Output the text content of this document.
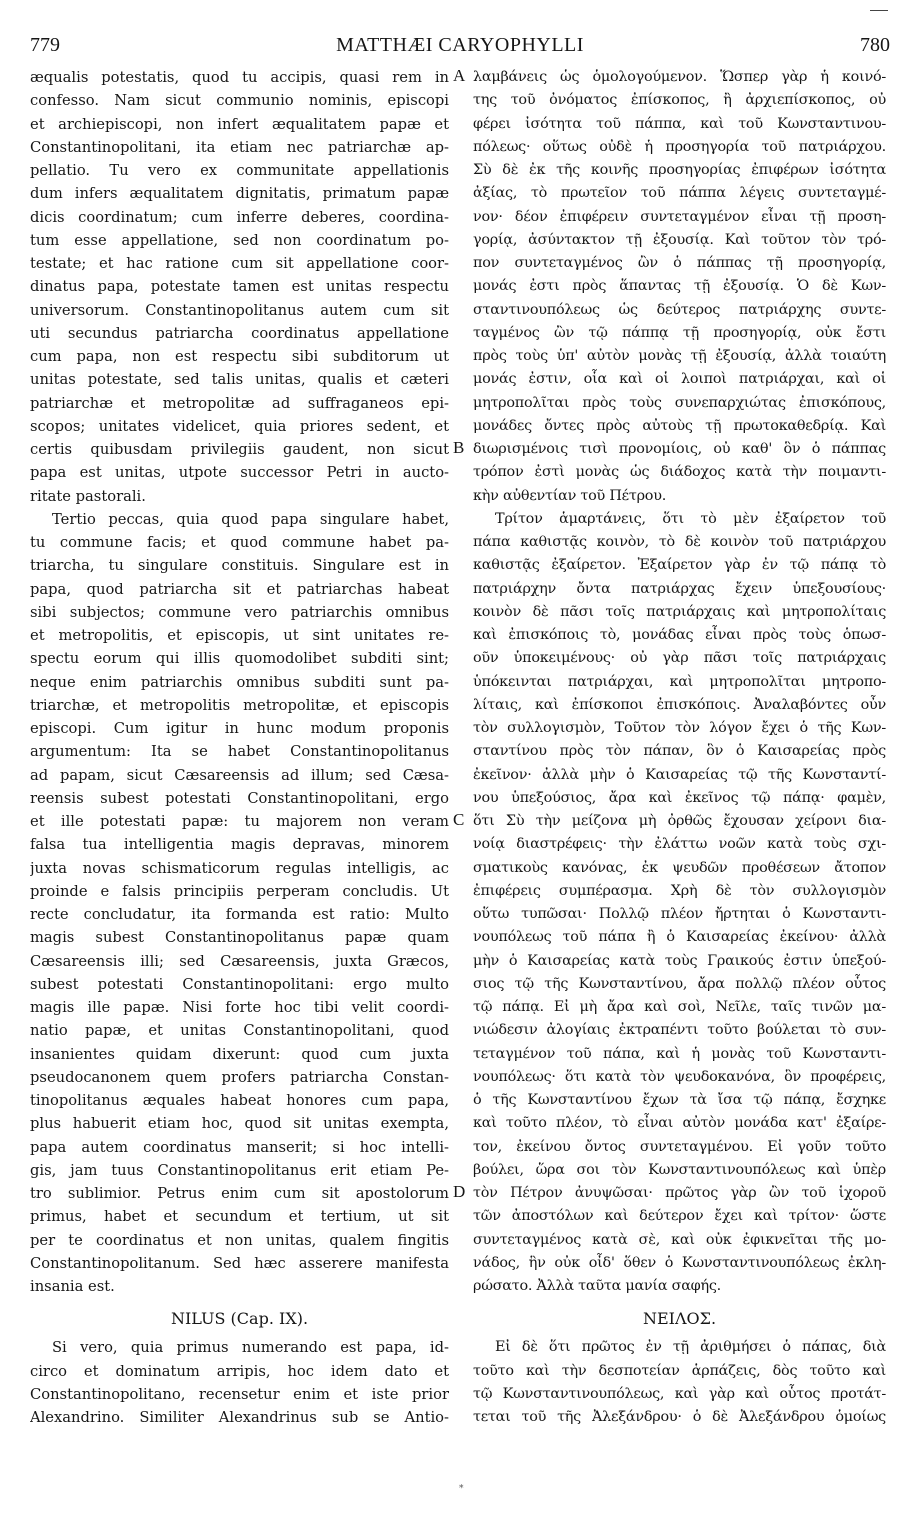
779	MATTHÆI CARYOPHYLLI	780
æqualis potestatis, quod tu accipis, quasi rem in
confesso. Nam sicut communio nominis, episcopi
et archiepiscopi, non infert æqualitatem papæ et
Constantinopolitani, ita etiam nec patriarchæ ap-
pellatio. Tu vero ex communitate appellationis
dum infers æqualitatem dignitatis, primatum papæ
dicis coordinatum; cum inferre deberes, coordina-
tum esse appellatione, sed non coordinatum po-
testate; et hac ratione cum sit appellatione coor-
dinatus papa, potestate tamen est unitas respectu
universorum. Constantinopolitanus autem cum sit
uti secundus patriarcha coordinatus appellatione
cum papa, non est respectu sibi subditorum ut
unitas potestate, sed talis unitas, qualis et cæteri
patriarchæ et metropolitæ ad suffraganeos epi-
scopos; unitates videlicet, quia priores sedent, et
certis quibusdam privilegiis gaudent, non sicut
papa est unitas, utpote successor Petri in aucto-
ritate pastorali.
Tertio peccas, quia quod papa singulare habet,
tu commune facis; et quod commune habet pa-
triarcha, tu singulare constituis. Singulare est in
papa, quod patriarcha sit et patriarchas habeat
sibi subjectos; commune vero patriarchis omnibus
et metropolitis, et episcopis, ut sint unitates re-
spectu eorum qui illis quomodolibet subditi sint;
neque enim patriarchis omnibus subditi sunt pa-
triarchæ, et metropolitis metropolitæ, et episcopis
episcopi. Cum igitur in hunc modum proponis
argumentum: Ita se habet Constantinopolitanus
ad papam, sicut Cæsareensis ad illum; sed Cæsa-
reensis subest potestati Constantinopolitani, ergo
et ille potestati papæ: tu majorem non veram
falsa tua intelligentia magis depravas, minorem
juxta novas schismaticorum regulas intelligis, ac
proinde e falsis principiis perperam concludis. Ut
recte concludatur, ita formanda est ratio: Multo
magis subest Constantinopolitanus papæ quam
Cæsareensis illi; sed Cæsareensis, juxta Græcos,
subest potestati Constantinopolitani: ergo multo
magis ille papæ. Nisi forte hoc tibi velit coordi-
natio papæ, et unitas Constantinopolitani, quod
insanientes quidam dixerunt: quod cum juxta
pseudocanonem quem profers patriarcha Constan-
tinopolitanus æquales habeat honores cum papa,
plus habuerit etiam hoc, quod sit unitas exempta,
papa autem coordinatus manserit; si hoc intelli-
gis, jam tuus Constantinopolitanus erit etiam Pe-
tro sublimior. Petrus enim cum sit apostolorum
primus, habet et secundum et tertium, ut sit
per te coordinatus et non unitas, qualem fingitis
Constantinopolitanum. Sed hæc asserere manifesta
insania est.
NILUS (Cap. IX).
Si vero, quia primus numerando est papa, id-
circo et dominatum arripis, hoc idem dato et
Constantinopolitano, recensetur enim et iste prior
Alexandrino. Similiter Alexandrinus sub se Antio-
λαμβάνεις ὡς ὁμολογούμενον. Ὥσπερ γὰρ ἡ κοινό-
της τοῦ ὀνόματος ἐπίσκοπος, ἢ ἀρχιεπίσκοπος, οὐ
φέρει ἰσότητα τοῦ πάππα, καὶ τοῦ Κωνσταντινου-
πόλεως· οὕτως οὐδὲ ἡ προσηγορία τοῦ πατριάρχου.
Σὺ δὲ ἐκ τῆς κοινῆς προσηγορίας ἐπιφέρων ἰσότητα
ἀξίας, τὸ πρωτεῖον τοῦ πάππα λέγεις συντεταγμέ-
νον· δέον ἐπιφέρειν συντεταγμένον εἶναι τῇ προση-
γορίᾳ, ἀσύντακτον τῇ ἐξουσίᾳ. Καὶ τοῦτον τὸν τρό-
πον συντεταγμένος ὢν ὁ πάππας τῇ προσηγορίᾳ,
μονάς ἐστι πρὸς ἅπαντας τῇ ἐξουσίᾳ. Ὁ δὲ Κων-
σταντινουπόλεως ὡς δεύτερος πατριάρχης συντε-
ταγμένος ὢν τῷ πάππᾳ τῇ προσηγορίᾳ, οὐκ ἔστι
πρὸς τοὺς ὑπ' αὐτὸν μονὰς τῇ ἐξουσίᾳ, ἀλλὰ τοιαύτη
μονάς ἐστιν, οἷα καὶ οἱ λοιποὶ πατριάρχαι, καὶ οἱ
μητροπολῖται πρὸς τοὺς συνεπαρχιώτας ἐπισκόπους,
μονάδες ὄντες πρὸς αὐτοὺς τῇ πρωτοκαθεδρίᾳ. Καὶ
διωρισμένοις τισὶ προνομίοις, οὐ καθ' ὃν ὁ πάππας
τρόπον ἐστὶ μονὰς ὡς διάδοχος κατὰ τὴν ποιμαντι-
κὴν αὐθεντίαν τοῦ Πέτρου.
Τρίτον ἁμαρτάνεις, ὅτι τὸ μὲν ἐξαίρετον τοῦ
πάπα καθιστᾷς κοινὸν, τὸ δὲ κοινὸν τοῦ πατριάρχου
καθιστᾷς ἐξαίρετον. Ἐξαίρετον γὰρ ἐν τῷ πάπᾳ τὸ
πατριάρχην ὄντα πατριάρχας ἔχειν ὑπεξουσίους·
κοινὸν δὲ πᾶσι τοῖς πατριάρχαις καὶ μητροπολίταις
καὶ ἐπισκόποις τὸ, μονάδας εἶναι πρὸς τοὺς ὁπωσ-
οῦν ὑποκειμένους· οὐ γὰρ πᾶσι τοῖς πατριάρχαις
ὑπόκεινται πατριάρχαι, καὶ μητροπολῖται μητροπο-
λίταις, καὶ ἐπίσκοποι ἐπισκόποις. Ἀναλαβόντες οὖν
τὸν συλλογισμὸν, Τοῦτον τὸν λόγον ἔχει ὁ τῆς Κων-
σταντίνου πρὸς τὸν πάπαν, ὃν ὁ Καισαρείας πρὸς
ἐκεῖνον· ἀλλὰ μὴν ὁ Καισαρείας τῷ τῆς Κωνσταντί-
νου ὑπεξούσιος, ἄρα καὶ ἐκεῖνος τῷ πάπᾳ· φαμὲν,
ὅτι Σὺ τὴν μείζονα μὴ ὀρθῶς ἔχουσαν χείρονι δια-
νοίᾳ διαστρέφεις· τὴν ἐλάττω νοῶν κατὰ τοὺς σχι-
σματικοὺς κανόνας, ἐκ ψευδῶν προθέσεων ἄτοπον
ἐπιφέρεις συμπέρασμα. Χρὴ δὲ τὸν συλλογισμὸν
οὕτω τυπῶσαι· Πολλῷ πλέον ἤρτηται ὁ Κωνσταντι-
νουπόλεως τοῦ πάπα ἢ ὁ Καισαρείας ἐκείνου· ἀλλὰ
μὴν ὁ Καισαρείας κατὰ τοὺς Γραικούς ἐστιν ὑπεξού-
σιος τῷ τῆς Κωνσταντίνου, ἄρα πολλῷ πλέον οὗτος
τῷ πάπᾳ. Εἰ μὴ ἄρα καὶ σοὶ, Νεῖλε, ταῖς τινῶν μα-
νιώδεσιν ἀλογίαις ἐκτραπέντι τοῦτο βούλεται τὸ συν-
τεταγμένον τοῦ πάπα, καὶ ἡ μονὰς τοῦ Κωνσταντι-
νουπόλεως· ὅτι κατὰ τὸν ψευδοκανόνα, ὃν προφέρεις,
ὁ τῆς Κωνσταντίνου ἔχων τὰ ἴσα τῷ πάπᾳ, ἔσχηκε
καὶ τοῦτο πλέον, τὸ εἶναι αὐτὸν μονάδα κατ' ἐξαίρε-
τον, ἐκείνου ὄντος συντεταγμένου. Εἰ γοῦν τοῦτο
βούλει, ὥρα σοι τὸν Κωνσταντινουπόλεως καὶ ὑπὲρ
τὸν Πέτρον ἀνυψῶσαι· πρῶτος γὰρ ὢν τοῦ ἱχοροῦ
τῶν ἀποστόλων καὶ δεύτερον ἔχει καὶ τρίτον· ὥστε
συντεταγμένος κατὰ σὲ, καὶ οὐκ ἐφικνεῖται τῆς μο-
νάδος, ἣν οὐκ οἶδ' ὅθεν ὁ Κωνσταντινουπόλεως ἐκλη-
ρώσατο. Ἀλλὰ ταῦτα μανία σαφής.
ΝΕΙΛΟΣ.
Εἰ δὲ ὅτι πρῶτος ἐν τῇ ἀριθμήσει ὁ πάπας, διὰ
τοῦτο καὶ τὴν δεσποτείαν ἁρπάζεις, δὸς τοῦτο καὶ
τῷ Κωνσταντινουπόλεως, καὶ γὰρ καὶ οὗτος προτάτ-
τεται τοῦ τῆς Ἀλεξάνδρου· ὁ δὲ Ἀλεξάνδρου ὁμοίως
A
B
C
D
*
